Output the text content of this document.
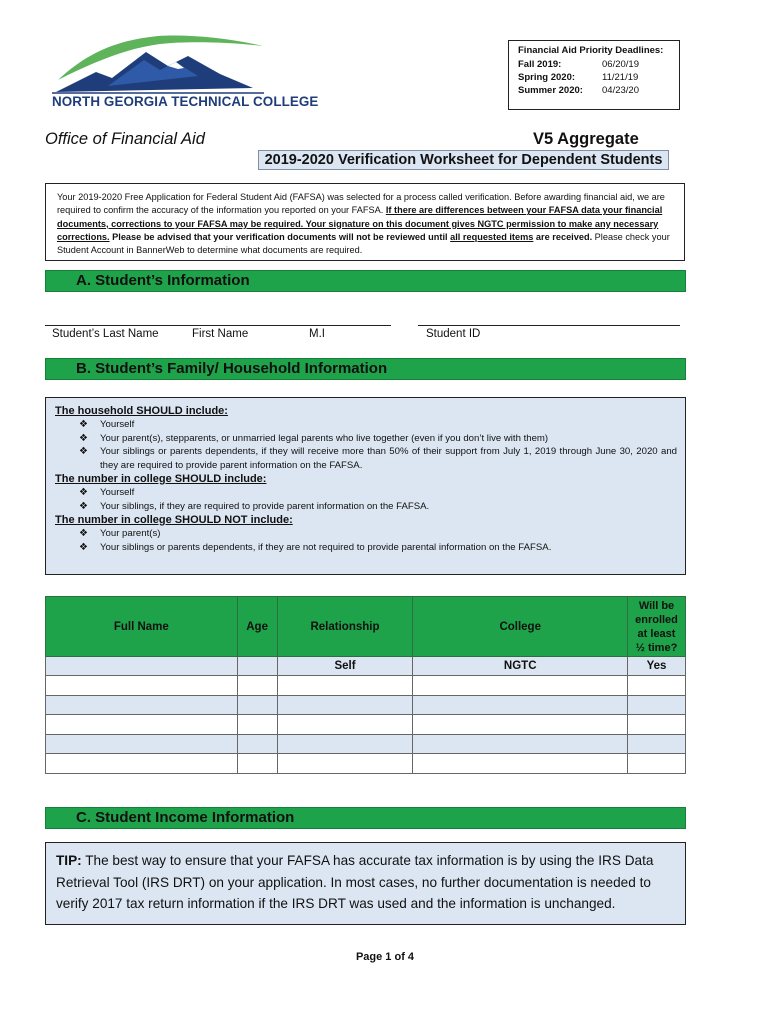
NORTH GEORGIA TECHNICAL COLLEGE
Financial Aid Priority Deadlines:
Fall 2019:	06/20/19
Spring 2020:	11/21/19
Summer 2020:	04/23/20
Office of Financial Aid	V5 Aggregate
2019-2020 Verification Worksheet for Dependent Students
Your 2019-2020 Free Application for Federal Student Aid (FAFSA) was selected for a process called verification. Before awarding financial aid, we are required to confirm the accuracy of the information you reported on your FAFSA. If there are differences between your FAFSA data your financial documents, corrections to your FAFSA may be required. Your signature on this document gives NGTC permission to make any necessary corrections. Please be advised that your verification documents will not be reviewed until all requested items are received. Please check your Student Account in BannerWeb to determine what documents are required.
A. Student’s Information
Student’s Last Name	First Name	M.I	Student ID
B. Student’s Family/ Household Information
The household SHOULD include:
❖ Yourself
❖ Your parent(s), stepparents, or unmarried legal parents who live together (even if you don’t live with them)
❖ Your siblings or parents dependents, if they will receive more than 50% of their support from July 1, 2019 through June 30, 2020 and they are required to provide parent information on the FAFSA.
The number in college SHOULD include:
❖ Yourself
❖ Your siblings, if they are required to provide parent information on the FAFSA.
The number in college SHOULD NOT include:
❖ Your parent(s)
❖ Your siblings or parents dependents, if they are not required to provide parental information on the FAFSA.
Full Name	Age	Relationship	College	Will be
enrolled
at least
½ time?

		Self	NGTC	Yes

C. Student Income Information
TIP: The best way to ensure that your FAFSA has accurate tax information is by using the IRS Data Retrieval Tool (IRS DRT) on your application. In most cases, no further documentation is needed to verify 2017 tax return information if the IRS DRT was used and the information is unchanged.
Page 1 of 4
